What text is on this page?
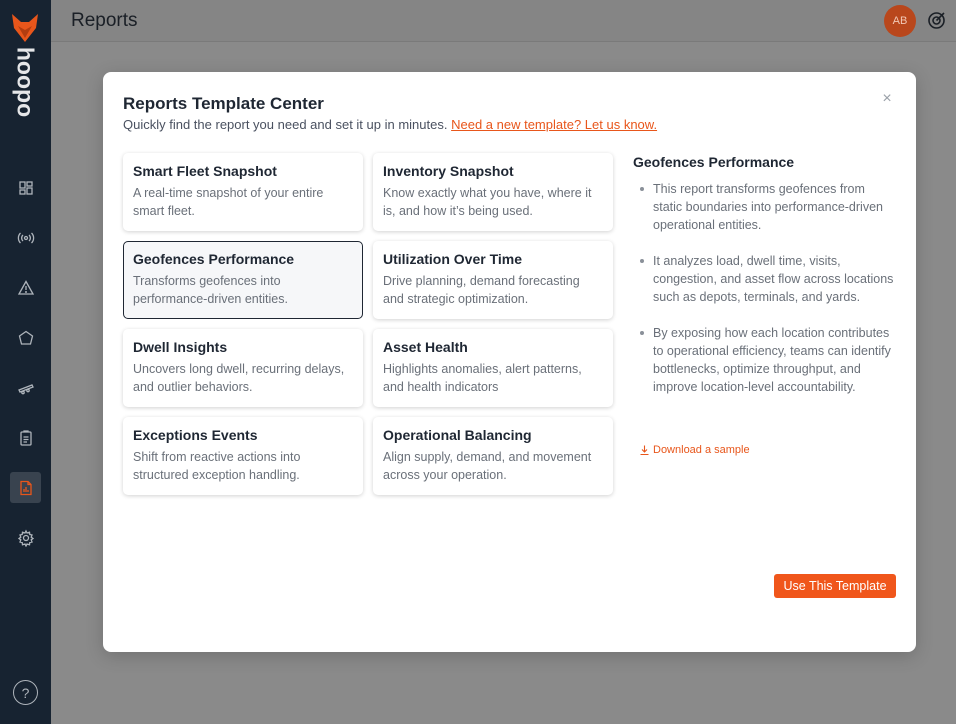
hoopo
?
Reports	AB
Reports Template Center
Quickly find the report you need and set it up in minutes. Need a new template? Let us know.
×
Smart Fleet Snapshot
A real-time snapshot of your entire smart fleet.
Inventory Snapshot
Know exactly what you have, where it is, and how it’s being used.
Geofences Performance
Transforms geofences into performance-driven entities.
Utilization Over Time
Drive planning, demand forecasting and strategic optimization.
Dwell Insights
Uncovers long dwell, recurring delays, and outlier behaviors.
Asset Health
Highlights anomalies, alert patterns, and health indicators
Exceptions Events
Shift from reactive actions into structured exception handling.
Operational Balancing
Align supply, demand, and movement across your operation.
Geofences Performance
This report transforms geofences from static boundaries into performance-driven operational entities.
It analyzes load, dwell time, visits, congestion, and asset flow across locations such as depots, terminals, and yards.
By exposing how each location contributes to operational efficiency, teams can identify bottlenecks, optimize throughput, and improve location-level accountability.
Download a sample
Use This Template
